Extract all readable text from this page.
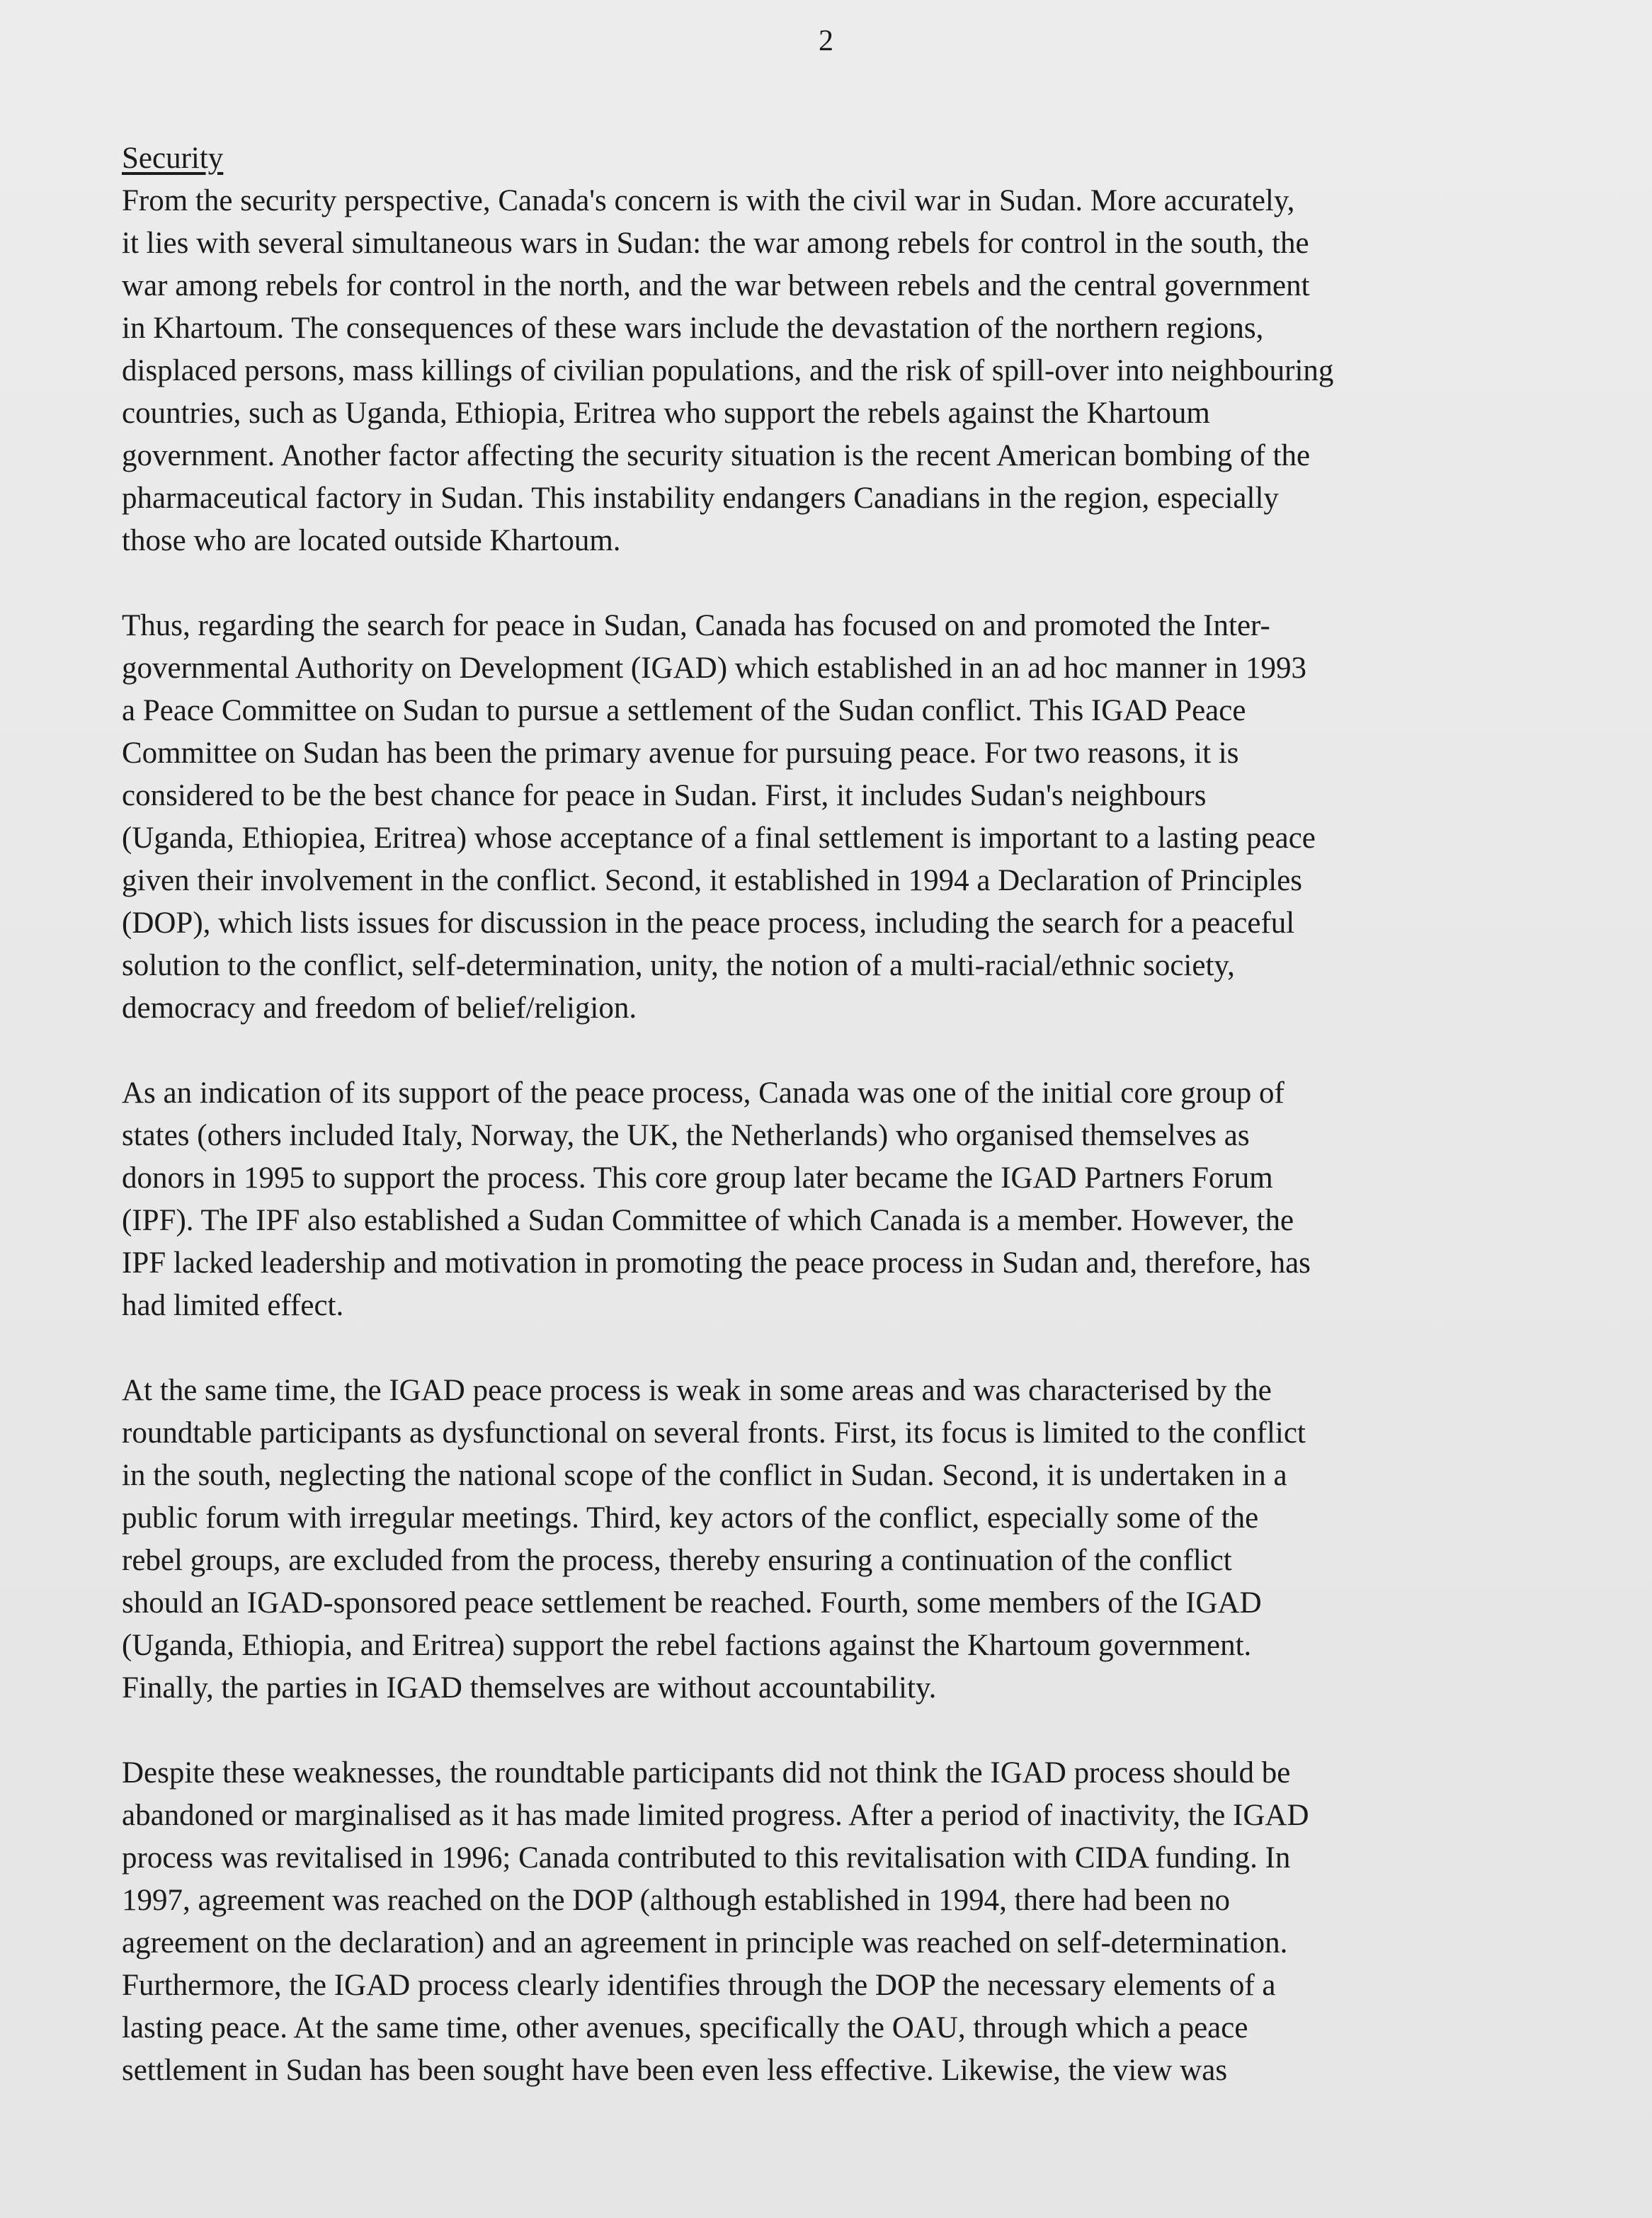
2
Security

From the security perspective, Canada's concern is with the civil war in Sudan. More accurately,
it lies with several simultaneous wars in Sudan: the war among rebels for control in the south, the
war among rebels for control in the north, and the war between rebels and the central government
in Khartoum. The consequences of these wars include the devastation of the northern regions,
displaced persons, mass killings of civilian populations, and the risk of spill-over into neighbouring
countries, such as Uganda, Ethiopia, Eritrea who support the rebels against the Khartoum
government. Another factor affecting the security situation is the recent American bombing of the
pharmaceutical factory in Sudan. This instability endangers Canadians in the region, especially
those who are located outside Khartoum.

Thus, regarding the search for peace in Sudan, Canada has focused on and promoted the Inter-
governmental Authority on Development (IGAD) which established in an ad hoc manner in 1993
a Peace Committee on Sudan to pursue a settlement of the Sudan conflict. This IGAD Peace
Committee on Sudan has been the primary avenue for pursuing peace. For two reasons, it is
considered to be the best chance for peace in Sudan. First, it includes Sudan's neighbours
(Uganda, Ethiopiea, Eritrea) whose acceptance of a final settlement is important to a lasting peace
given their involvement in the conflict. Second, it established in 1994 a Declaration of Principles
(DOP), which lists issues for discussion in the peace process, including the search for a peaceful
solution to the conflict, self-determination, unity, the notion of a multi-racial/ethnic society,
democracy and freedom of belief/religion.

As an indication of its support of the peace process, Canada was one of the initial core group of
states (others included Italy, Norway, the UK, the Netherlands) who organised themselves as
donors in 1995 to support the process. This core group later became the IGAD Partners Forum
(IPF). The IPF also established a Sudan Committee of which Canada is a member. However, the
IPF lacked leadership and motivation in promoting the peace process in Sudan and, therefore, has
had limited effect.

At the same time, the IGAD peace process is weak in some areas and was characterised by the
roundtable participants as dysfunctional on several fronts. First, its focus is limited to the conflict
in the south, neglecting the national scope of the conflict in Sudan. Second, it is undertaken in a
public forum with irregular meetings. Third, key actors of the conflict, especially some of the
rebel groups, are excluded from the process, thereby ensuring a continuation of the conflict
should an IGAD-sponsored peace settlement be reached. Fourth, some members of the IGAD
(Uganda, Ethiopia, and Eritrea) support the rebel factions against the Khartoum government.
Finally, the parties in IGAD themselves are without accountability.

Despite these weaknesses, the roundtable participants did not think the IGAD process should be
abandoned or marginalised as it has made limited progress. After a period of inactivity, the IGAD
process was revitalised in 1996; Canada contributed to this revitalisation with CIDA funding. In
1997, agreement was reached on the DOP (although established in 1994, there had been no
agreement on the declaration) and an agreement in principle was reached on self-determination.
Furthermore, the IGAD process clearly identifies through the DOP the necessary elements of a
lasting peace. At the same time, other avenues, specifically the OAU, through which a peace
settlement in Sudan has been sought have been even less effective. Likewise, the view was
